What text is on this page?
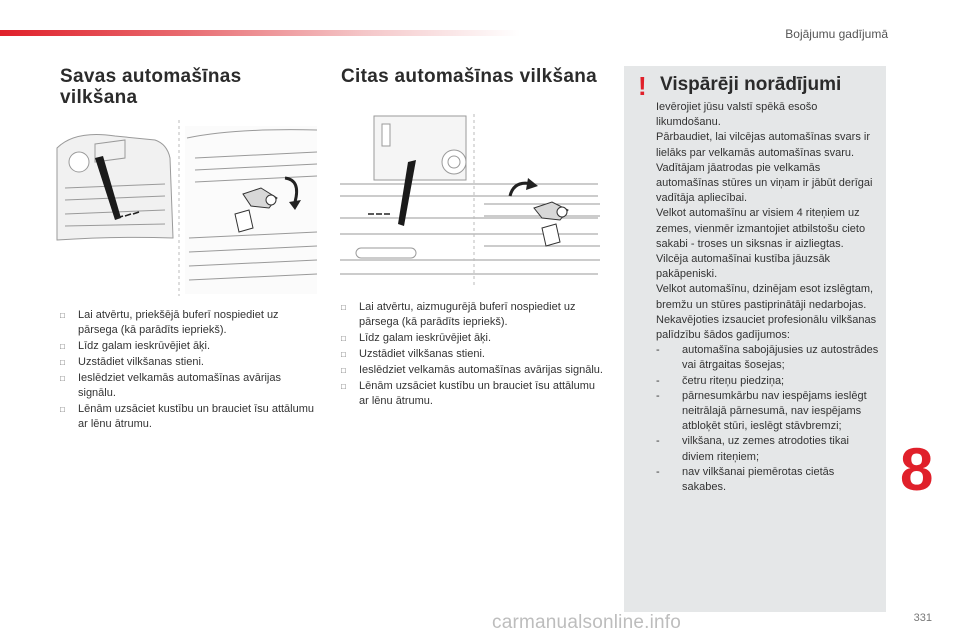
Bojājumu gadījumā
Savas automašīnas vilkšana
□ Lai atvērtu, priekšējā buferī nospiediet uz pārsega (kā parādīts iepriekš).
□ Līdz galam ieskrūvējiet āķi.
□ Uzstādiet vilkšanas stieni.
□ Ieslēdziet velkamās automašīnas avārijas signālu.
□ Lēnām uzsāciet kustību un brauciet īsu attālumu ar lēnu ātrumu.
Citas automašīnas vilkšana
□ Lai atvērtu, aizmugurējā buferī nospiediet uz pārsega (kā parādīts iepriekš).
□ Līdz galam ieskrūvējiet āķi.
□ Uzstādiet vilkšanas stieni.
□ Ieslēdziet velkamās automašīnas avārijas signālu.
□ Lēnām uzsāciet kustību un brauciet īsu attālumu ar lēnu ātrumu.
! Vispārēji norādījumi

Ievērojiet jūsu valstī spēkā esošo likumdošanu.

Pārbaudiet, lai vilcējas automašīnas svars ir lielāks par velkamās automašīnas svaru.

Vadītājam jāatrodas pie velkamās automašīnas stūres un viņam ir jābūt derīgai vadītāja apliecībai.

Velkot automašīnu ar visiem 4 riteņiem uz zemes, vienmēr izmantojiet atbilstošu cieto sakabi - troses un siksnas ir aizliegtas.

Vilcēja automašīnai kustība jāuzsāk pakāpeniski.

Velkot automašīnu, dzinējam esot izslēgtam, bremžu un stūres pastiprinātāji nedarbojas.

Nekavējoties izsauciet profesionālu vilkšanas palīdzību šādos gadījumos:

- automašīna sabojājusies uz autostrādes vai ātrgaitas šosejas;
- četru riteņu piedziņa;
- pārnesumkārbu nav iespējams ieslēgt neitrālajā pārnesumā, nav iespējams atbloķēt stūri, ieslēgt stāvbremzi;
- vilkšana, uz zemes atrodoties tikai diviem riteņiem;
- nav vilkšanai piemērotas cietās sakabes.	8
carmanualsonline.info	331
